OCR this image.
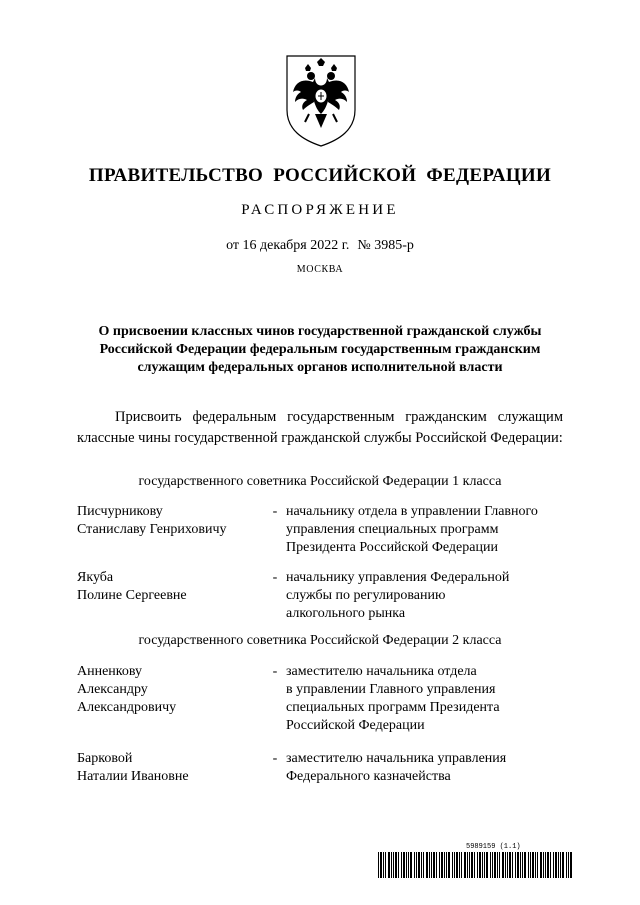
ПРАВИТЕЛЬСТВО  РОССИЙСКОЙ  ФЕДЕРАЦИИ
РАСПОРЯЖЕНИЕ
от 16 декабря 2022 г. № 3985-р
МОСКВА
О присвоении классных чинов государственной гражданской службы
Российской Федерации федеральным государственным гражданским
служащим федеральных органов исполнительной власти
Присвоить федеральным государственным гражданским служащим классные чины государственной гражданской службы Российской Федерации:
государственного советника Российской Федерации 1 класса
Писчурникову
Станиславу Генриховичу
- начальнику отдела в управлении Главного
управления специальных программ
Президента Российской Федерации
Якуба
Полине Сергеевне
- начальнику управления Федеральной
службы по регулированию
алкогольного рынка
государственного советника Российской Федерации 2 класса
Анненкову
Александру
Александровичу
- заместителю начальника отдела
в управлении Главного управления
специальных программ Президента
Российской Федерации
Барковой
Наталии Ивановне
- заместителю начальника управления
Федерального казначейства
5989159 (1.1)
